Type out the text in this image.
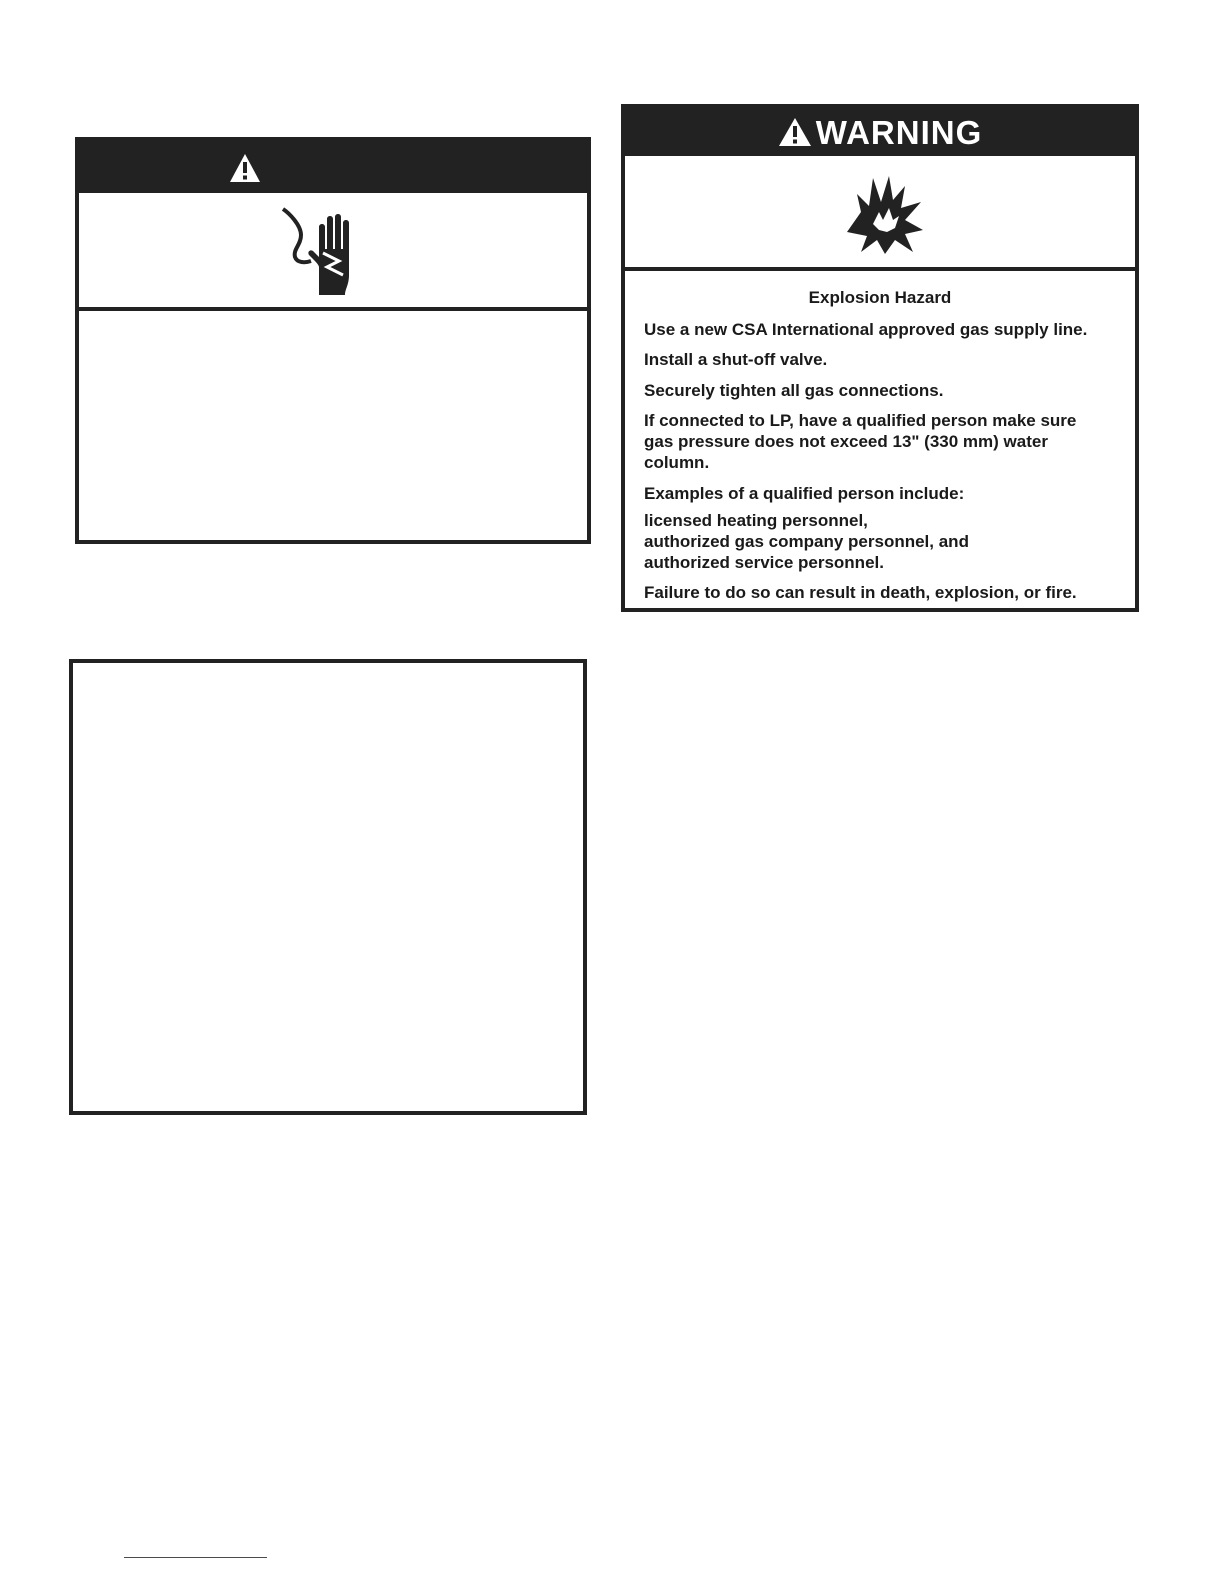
WARNING
Explosion Hazard
Use a new CSA International approved gas supply line.
Install a shut-off valve.
Securely tighten all gas connections.
If connected to LP, have a qualified person make sure gas pressure does not exceed 13" (330 mm) water column.
Examples of a qualified person include:
licensed heating personnel,
authorized gas company personnel, and
authorized service personnel.
Failure to do so can result in death, explosion, or fire.
